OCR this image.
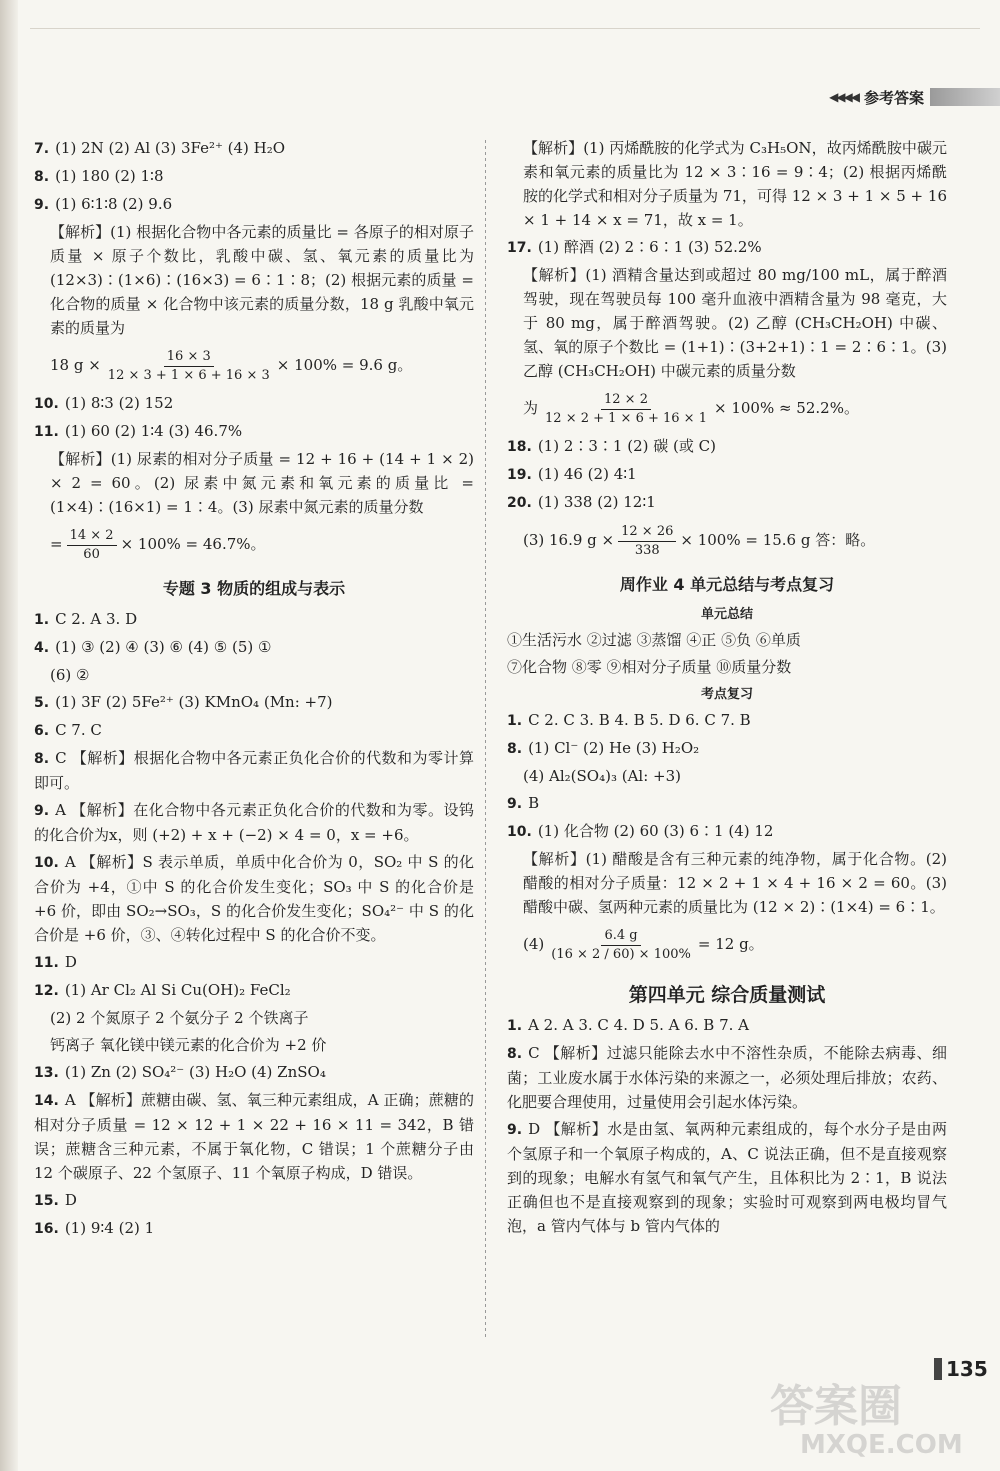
◀◀◀◀ 参考答案
7. (1) 2N (2) Al (3) 3Fe²⁺ (4) H₂O
8. (1) 180 (2) 1∶8
9. (1) 6∶1∶8 (2) 9.6
【解析】(1) 根据化合物中各元素的质量比 = 各原子的相对原子质量 × 原子个数比，乳酸中碳、氢、氧元素的质量比为 (12×3)∶(1×6)∶(16×3) = 6∶1∶8；(2) 根据元素的质量 = 化合物的质量 × 化合物中该元素的质量分数，18 g 乳酸中氧元素的质量为
18 $g \times \frac{16 \times 3}{12 \times 3 + 1 \times 6 + 16 \times 3} \times 100\% = 9.6$ g。
10. (1) 8∶3 (2) 152
11. (1) 60 (2) 1∶4 (3) 46.7%
【解析】(1) 尿素的相对分子质量 = 12 + 16 + (14 + 1 × 2) × 2 = 60。(2) 尿素中氮元素和氧元素的质量比 = (1×4)∶(16×1) = 1∶4。(3) 尿素中氮元素的质量分数
= $\frac{14 \times 2}{60} \times 100\% = 46.7\%$。
专题 3 物质的组成与表示
1. C 2. A 3. D
4. (1) ③ (2) ④ (3) ⑥ (4) ⑤ (5) ①
(6) ②
5. (1) 3F (2) 5Fe²⁺ (3) KMnO₄ (Mn: +7)
6. C 7. C
8. C 【解析】根据化合物中各元素正负化合价的代数和为零计算即可。
9. A 【解析】在化合物中各元素正负化合价的代数和为零。设钨的化合价为x，则 (+2) + x + (−2) × 4 = 0，x = +6。
10. A 【解析】S 表示单质，单质中化合价为 0，SO₂ 中 S 的化合价为 +4，①中 S 的化合价发生变化；SO₃ 中 S 的化合价是 +6 价，即由 SO₂→SO₃，S 的化合价发生变化；SO₄²⁻ 中 S 的化合价是 +6 价，③、④转化过程中 S 的化合价不变。
11. D
12. (1) Ar Cl₂ Al Si Cu(OH)₂ FeCl₂
(2) 2 个氮原子 2 个氨分子 2 个铁离子
钙离子 氧化镁中镁元素的化合价为 +2 价
13. (1) Zn (2) SO₄²⁻ (3) H₂O (4) ZnSO₄
14. A 【解析】蔗糖由碳、氢、氧三种元素组成，A 正确；蔗糖的相对分子质量 = 12 × 12 + 1 × 22 + 16 × 11 = 342，B 错误；蔗糖含三种元素，不属于氧化物，C 错误；1 个蔗糖分子由 12 个碳原子、22 个氢原子、11 个氧原子构成，D 错误。
15. D
16. (1) 9∶4 (2) 1
【解析】(1) 丙烯酰胺的化学式为 C₃H₅ON，故丙烯酰胺中碳元素和氧元素的质量比为 12 × 3∶16 = 9∶4；(2) 根据丙烯酰胺的化学式和相对分子质量为 71，可得 12 × 3 + 1 × 5 + 16 × 1 + 14 × x = 71，故 x = 1。
17. (1) 醉酒 (2) 2∶6∶1 (3) 52.2%
【解析】(1) 酒精含量达到或超过 80 mg/100 mL，属于醉酒驾驶，现在驾驶员每 100 毫升血液中酒精含量为 98 毫克，大于 80 mg，属于醉酒驾驶。(2) 乙醇 (CH₃CH₂OH) 中碳、氢、氧的原子个数比 = (1+1)∶(3+2+1)∶1 = 2∶6∶1。(3) 乙醇 (CH₃CH₂OH) 中碳元素的质量分数
为 $\frac{12 \times 2}{12 \times 2 + 1 \times 6 + 16 \times 1} \times 100\% \approx 52.2\%$。
18. (1) 2∶3∶1 (2) 碳 (或 C)
19. (1) 46 (2) 4∶1
20. (1) 338 (2) 12∶1
(3) 16.9 $g \times \frac{12 \times 26}{338} \times 100\% = 15.6$ g 答：略。
周作业 4 单元总结与考点复习
单元总结
①生活污水 ②过滤 ③蒸馏 ④正 ⑤负 ⑥单质
⑦化合物 ⑧零 ⑨相对分子质量 ⑩质量分数
考点复习
1. C 2. C 3. B 4. B 5. D 6. C 7. B
8. (1) Cl⁻ (2) He (3) H₂O₂
(4) Al₂(SO₄)₃ (Al: +3)
9. B
10. (1) 化合物 (2) 60 (3) 6∶1 (4) 12
【解析】(1) 醋酸是含有三种元素的纯净物，属于化合物。(2) 醋酸的相对分子质量：12 × 2 + 1 × 4 + 16 × 2 = 60。(3) 醋酸中碳、氢两种元素的质量比为 (12 × 2)∶(1×4) = 6∶1。
$(4) \frac{6.4 g}{(16 \times 2 / 60) \times 100\%} = 12$ g。
第四单元 综合质量测试
1. A 2. A 3. C 4. D 5. A 6. B 7. A
8. C 【解析】过滤只能除去水中不溶性杂质，不能除去病毒、细菌；工业废水属于水体污染的来源之一，必须处理后排放；农药、化肥要合理使用，过量使用会引起水体污染。
9. D 【解析】水是由氢、氧两种元素组成的，每个水分子是由两个氢原子和一个氧原子构成的，A、C 说法正确，但不是直接观察到的现象；电解水有氢气和氧气产生，且体积比为 2∶1，B 说法正确但也不是直接观察到的现象；实验时可观察到两电极均冒气泡，a 管内气体与 b 管内气体的
135
答案圈
MXQE.COM
